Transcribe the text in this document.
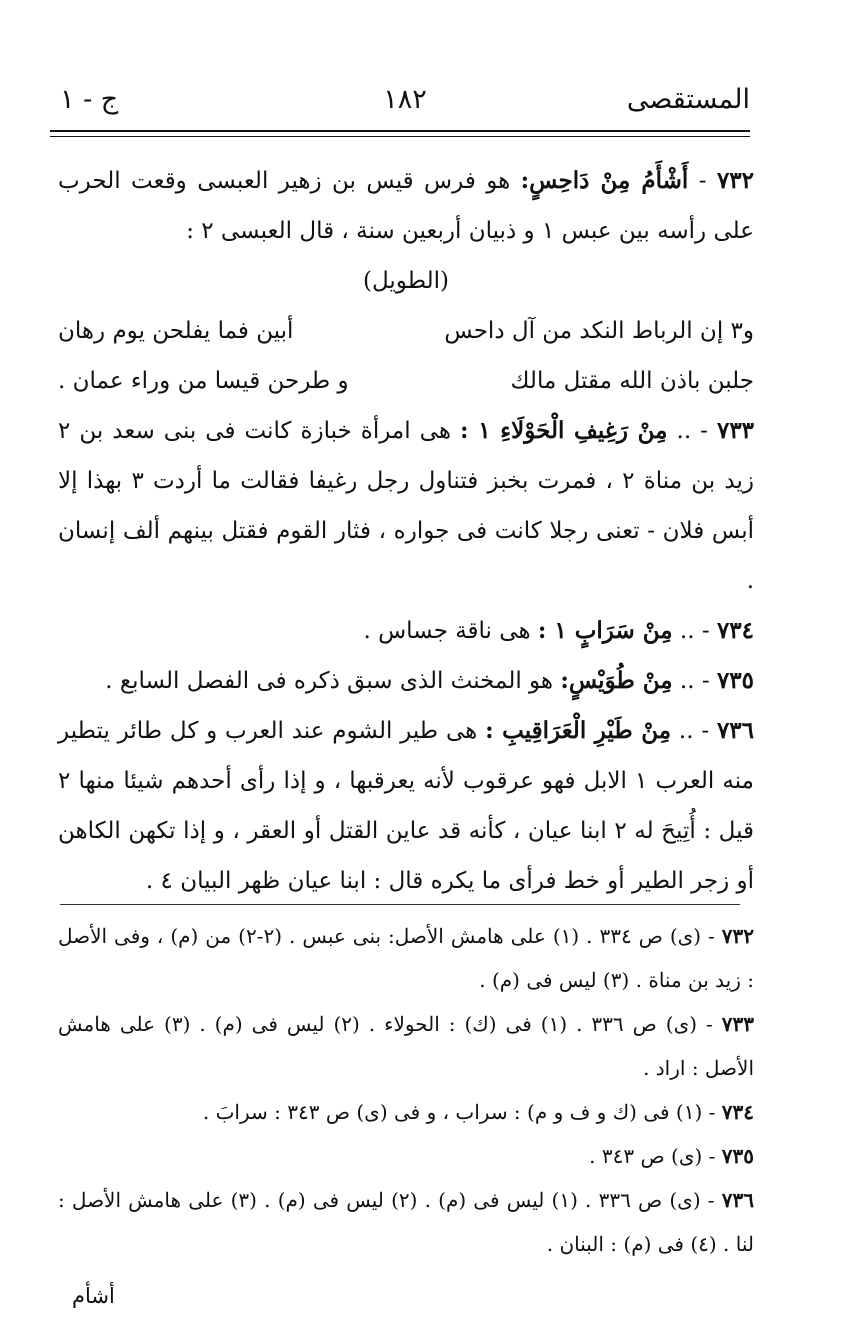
المستقصى
١٨٢
ج - ١

٧٣٢ - أَشْأَمُ مِنْ دَاحِسٍ: هو فرس قيس بن زهير العبسى وقعت الحرب على رأسه بين عبس ١ و ذبيان أربعين سنة ، قال العبسى ٢ :

(الطويل)

و٣ إن الرباط النكد من آل داحس
أبين فما يفلحن يوم رهان
جلبن باذن الله مقتل مالك
و طرحن قيسا من وراء عمان .

٧٣٣ - .. مِنْ رَغِيفِ الْحَوْلَاءِ ١ : هى امرأة خبازة كانت فى بنى سعد بن ٢ زيد بن مناة ٢ ، فمرت بخبز فتناول رجل رغيفا فقالت ما أردت ٣ بهذا إلا أبس فلان - تعنى رجلا كانت فى جواره ، فثار القوم فقتل بينهم ألف إنسان .

٧٣٤ - .. مِنْ سَرَابٍ ١ : هى ناقة جساس .

٧٣٥ - .. مِنْ طُوَيْسٍ: هو المخنث الذى سبق ذكره فى الفصل السابع .

٧٣٦ - .. مِنْ طَيْرِ الْعَرَاقِيبِ : هى طير الشوم عند العرب و كل طائر يتطير منه العرب ١ الابل فهو عرقوب لأنه يعرقبها ، و إذا رأى أحدهم شيئا منها ٢ قيل : أُتِيحَ له ٢ ابنا عيان ، كأنه قد عاين القتل أو العقر ، و إذا تكهن الكاهن أو زجر الطير أو خط فرأى ما يكره قال : ابنا عيان ظهر البيان ٤ .

٧٣٢ - (ى) ص ٣٣٤ . (١) على هامش الأصل: بنى عبس . (٢-٢) من (م) ، وفى الأصل : زيد بن مناة . (٣) ليس فى (م) .

٧٣٣ - (ى) ص ٣٣٦ . (١) فى (ك) : الحولاء . (٢) ليس فى (م) . (٣) على هامش الأصل : اراد .

٧٣٤ - (١) فى (ك و ف و م) : سراب ، و فى (ى) ص ٣٤٣ : سرابَ .

٧٣٥ - (ى) ص ٣٤٣ .

٧٣٦ - (ى) ص ٣٣٦ . (١) ليس فى (م) . (٢) ليس فى (م) . (٣) على هامش الأصل : لنا . (٤) فى (م) : البنان .

أشأم
